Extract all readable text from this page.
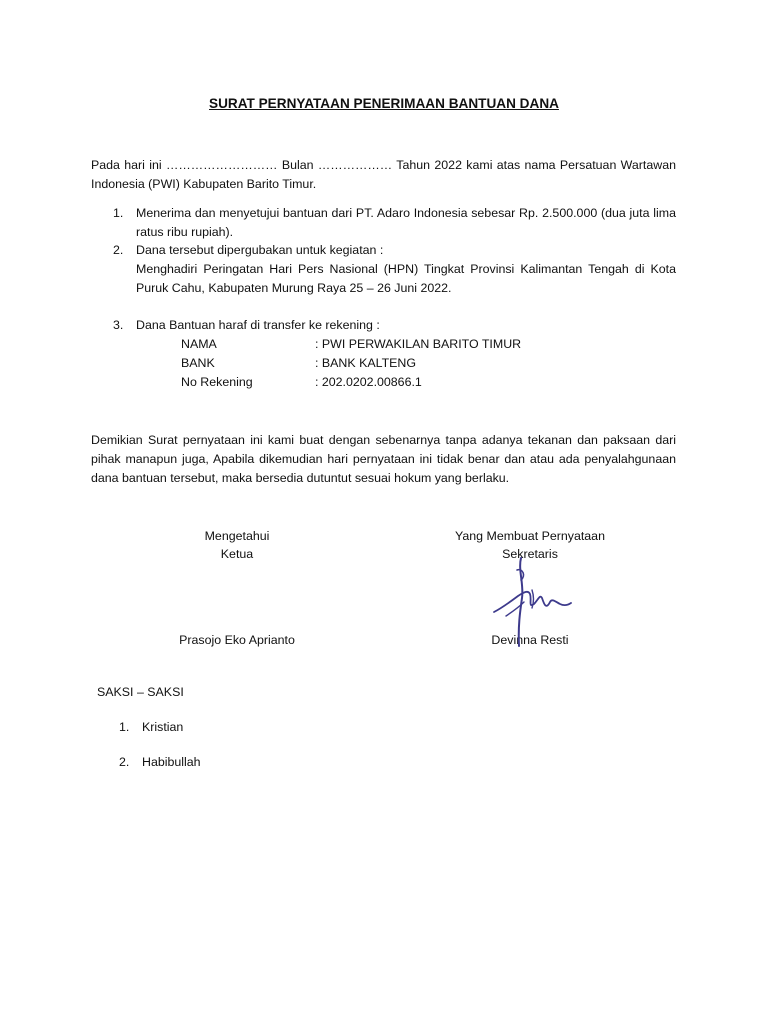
SURAT PERNYATAAN PENERIMAAN BANTUAN DANA
Pada hari ini ……………………… Bulan ……………… Tahun 2022 kami atas nama Persatuan Wartawan Indonesia (PWI) Kabupaten Barito Timur.
1. Menerima dan menyetujui bantuan dari PT. Adaro Indonesia sebesar Rp. 2.500.000 (dua juta lima ratus ribu rupiah).
2. Dana tersebut dipergubakan untuk kegiatan :
Menghadiri Peringatan Hari Pers Nasional (HPN) Tingkat Provinsi Kalimantan Tengah di Kota Puruk Cahu, Kabupaten Murung Raya 25 – 26 Juni 2022.
3. Dana Bantuan haraf di transfer ke rekening :
NAMA	: PWI PERWAKILAN BARITO TIMUR
BANK	: BANK KALTENG
No Rekening	: 202.0202.00866.1
Demikian Surat pernyataan ini kami buat dengan sebenarnya tanpa adanya tekanan dan paksaan dari pihak manapun juga, Apabila dikemudian hari pernyataan ini tidak benar dan atau ada penyalahgunaan dana bantuan tersebut, maka bersedia dutuntut sesuai hokum yang berlaku.
Mengetahui
Ketua
Prasojo Eko Aprianto
Yang Membuat Pernyataan
Sekretaris
Devinna Resti
SAKSI – SAKSI
1. Kristian
2. Habibullah
